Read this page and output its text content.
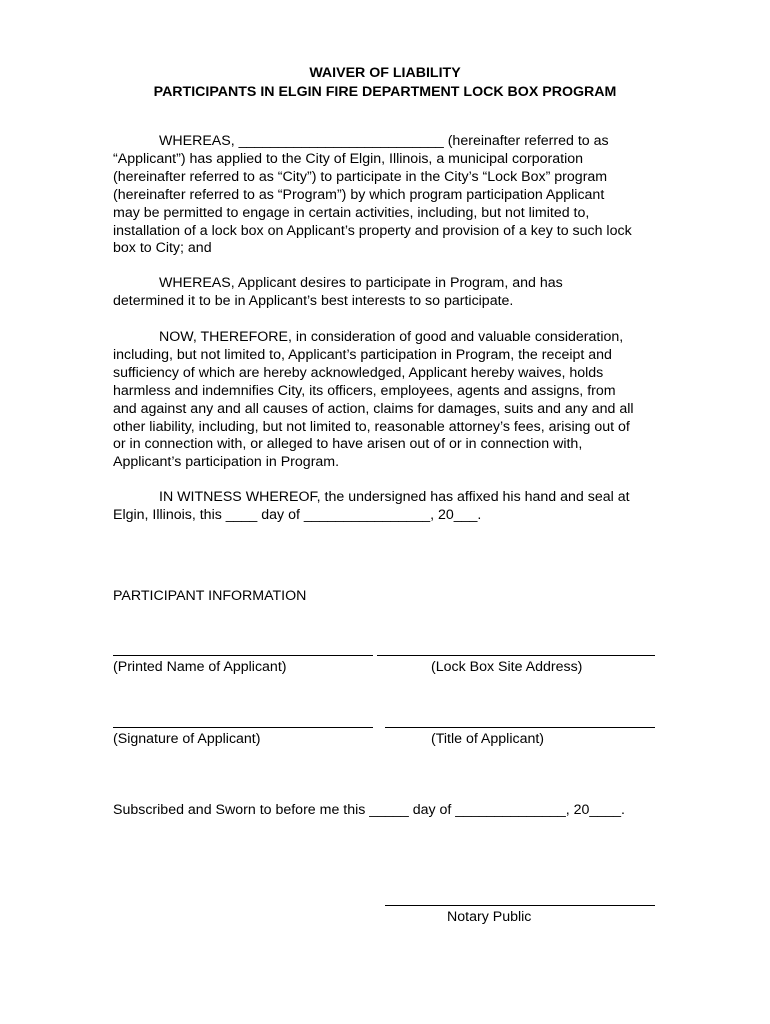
WAIVER OF LIABILITY
PARTICIPANTS IN ELGIN FIRE DEPARTMENT LOCK BOX PROGRAM
WHEREAS, __________________________ (hereinafter referred to as
“Applicant”) has applied to the City of Elgin, Illinois, a municipal corporation
(hereinafter referred to as “City”) to participate in the City’s “Lock Box” program
(hereinafter referred to as “Program”) by which program participation Applicant
may be permitted to engage in certain activities, including, but not limited to,
installation of a lock box on Applicant’s property and provision of a key to such lock
box to City; and
WHEREAS, Applicant desires to participate in Program, and has
determined it to be in Applicant’s best interests to so participate.
NOW, THEREFORE, in consideration of good and valuable consideration,
including, but not limited to, Applicant’s participation in Program, the receipt and
sufficiency of which are hereby acknowledged, Applicant hereby waives, holds
harmless and indemnifies City, its officers, employees, agents and assigns, from
and against any and all causes of action, claims for damages, suits and any and all
other liability, including, but not limited to, reasonable attorney’s fees, arising out of
or in connection with, or alleged to have arisen out of or in connection with,
Applicant’s participation in Program.
IN WITNESS WHEREOF, the undersigned has affixed his hand and seal at
Elgin, Illinois, this ____ day of ________________, 20___.
PARTICIPANT INFORMATION
(Printed Name of Applicant)	(Lock Box Site Address)
(Signature of Applicant)	(Title of Applicant)
Subscribed and Sworn to before me this _____ day of ______________, 20____.
Notary Public
